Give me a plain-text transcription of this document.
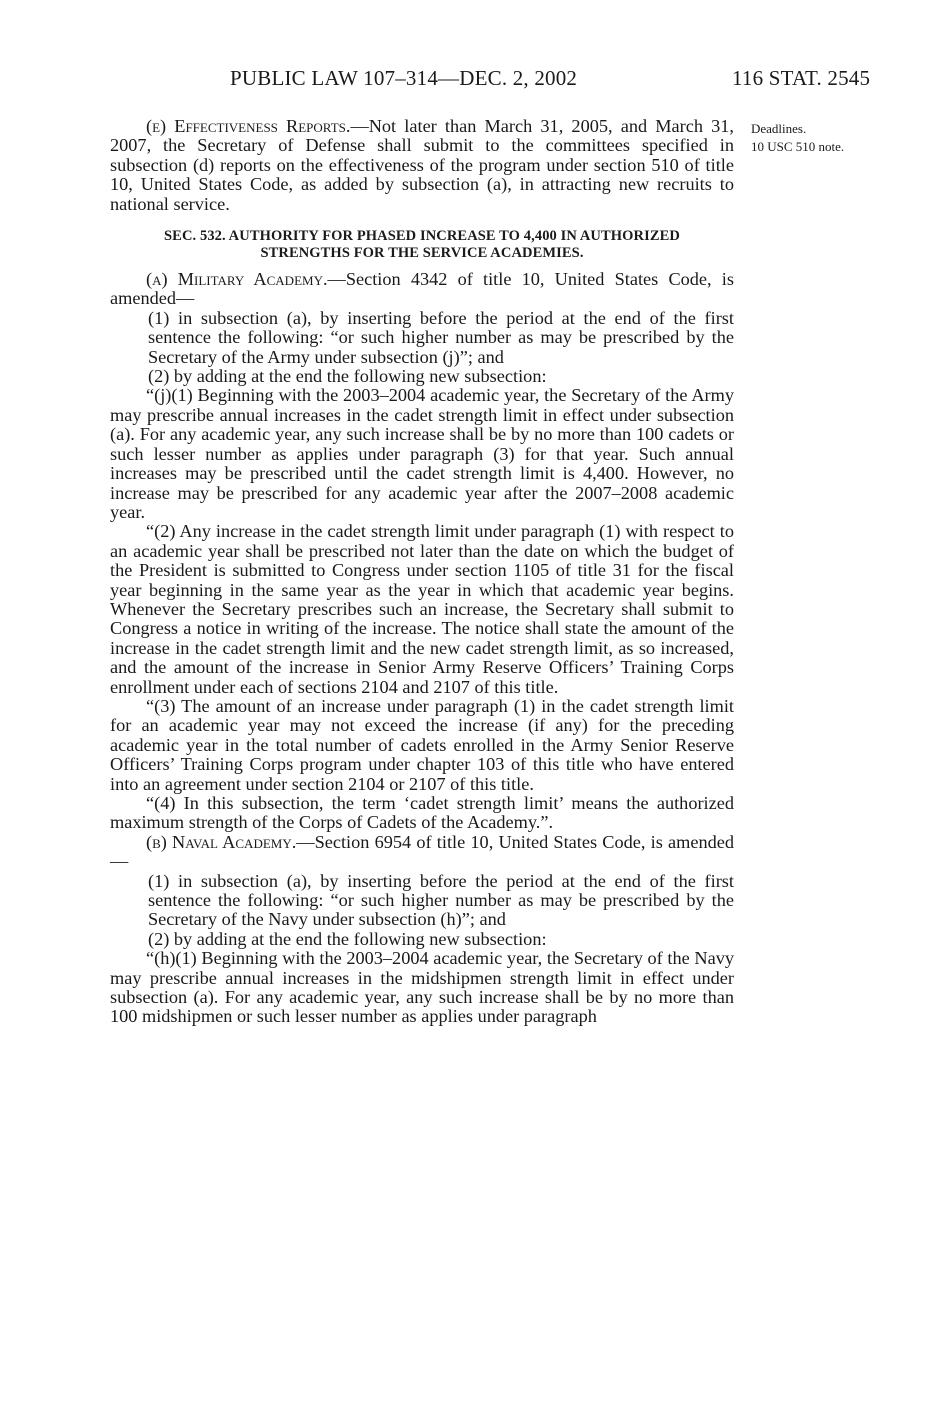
PUBLIC LAW 107–314—DEC. 2, 2002	116 STAT. 2545
Deadlines.
10 USC 510 note.

(e) Effectiveness Reports.—Not later than March 31, 2005, and March 31, 2007, the Secretary of Defense shall submit to the committees specified in subsection (d) reports on the effectiveness of the program under section 510 of title 10, United States Code, as added by subsection (a), in attracting new recruits to national service.

SEC. 532. AUTHORITY FOR PHASED INCREASE TO 4,400 IN AUTHORIZED
STRENGTHS FOR THE SERVICE ACADEMIES.

(a) Military Academy.—Section 4342 of title 10, United States Code, is amended—

(1) in subsection (a), by inserting before the period at the end of the first sentence the following: “or such higher number as may be prescribed by the Secretary of the Army under subsection (j)”; and

(2) by adding at the end the following new subsection:

“(j)(1) Beginning with the 2003–2004 academic year, the Secretary of the Army may prescribe annual increases in the cadet strength limit in effect under subsection (a). For any academic year, any such increase shall be by no more than 100 cadets or such lesser number as applies under paragraph (3) for that year. Such annual increases may be prescribed until the cadet strength limit is 4,400. However, no increase may be prescribed for any academic year after the 2007–2008 academic year.

“(2) Any increase in the cadet strength limit under paragraph (1) with respect to an academic year shall be prescribed not later than the date on which the budget of the President is submitted to Congress under section 1105 of title 31 for the fiscal year beginning in the same year as the year in which that academic year begins. Whenever the Secretary prescribes such an increase, the Secretary shall submit to Congress a notice in writing of the increase. The notice shall state the amount of the increase in the cadet strength limit and the new cadet strength limit, as so increased, and the amount of the increase in Senior Army Reserve Officers’ Training Corps enrollment under each of sections 2104 and 2107 of this title.

“(3) The amount of an increase under paragraph (1) in the cadet strength limit for an academic year may not exceed the increase (if any) for the preceding academic year in the total number of cadets enrolled in the Army Senior Reserve Officers’ Training Corps program under chapter 103 of this title who have entered into an agreement under section 2104 or 2107 of this title.

“(4) In this subsection, the term ‘cadet strength limit’ means the authorized maximum strength of the Corps of Cadets of the Academy.”.

(b) Naval Academy.—Section 6954 of title 10, United States Code, is amended—

(1) in subsection (a), by inserting before the period at the end of the first sentence the following: “or such higher number as may be prescribed by the Secretary of the Navy under subsection (h)”; and

(2) by adding at the end the following new subsection:

“(h)(1) Beginning with the 2003–2004 academic year, the Secretary of the Navy may prescribe annual increases in the midshipmen strength limit in effect under subsection (a). For any academic year, any such increase shall be by no more than 100 midshipmen or such lesser number as applies under paragraph
